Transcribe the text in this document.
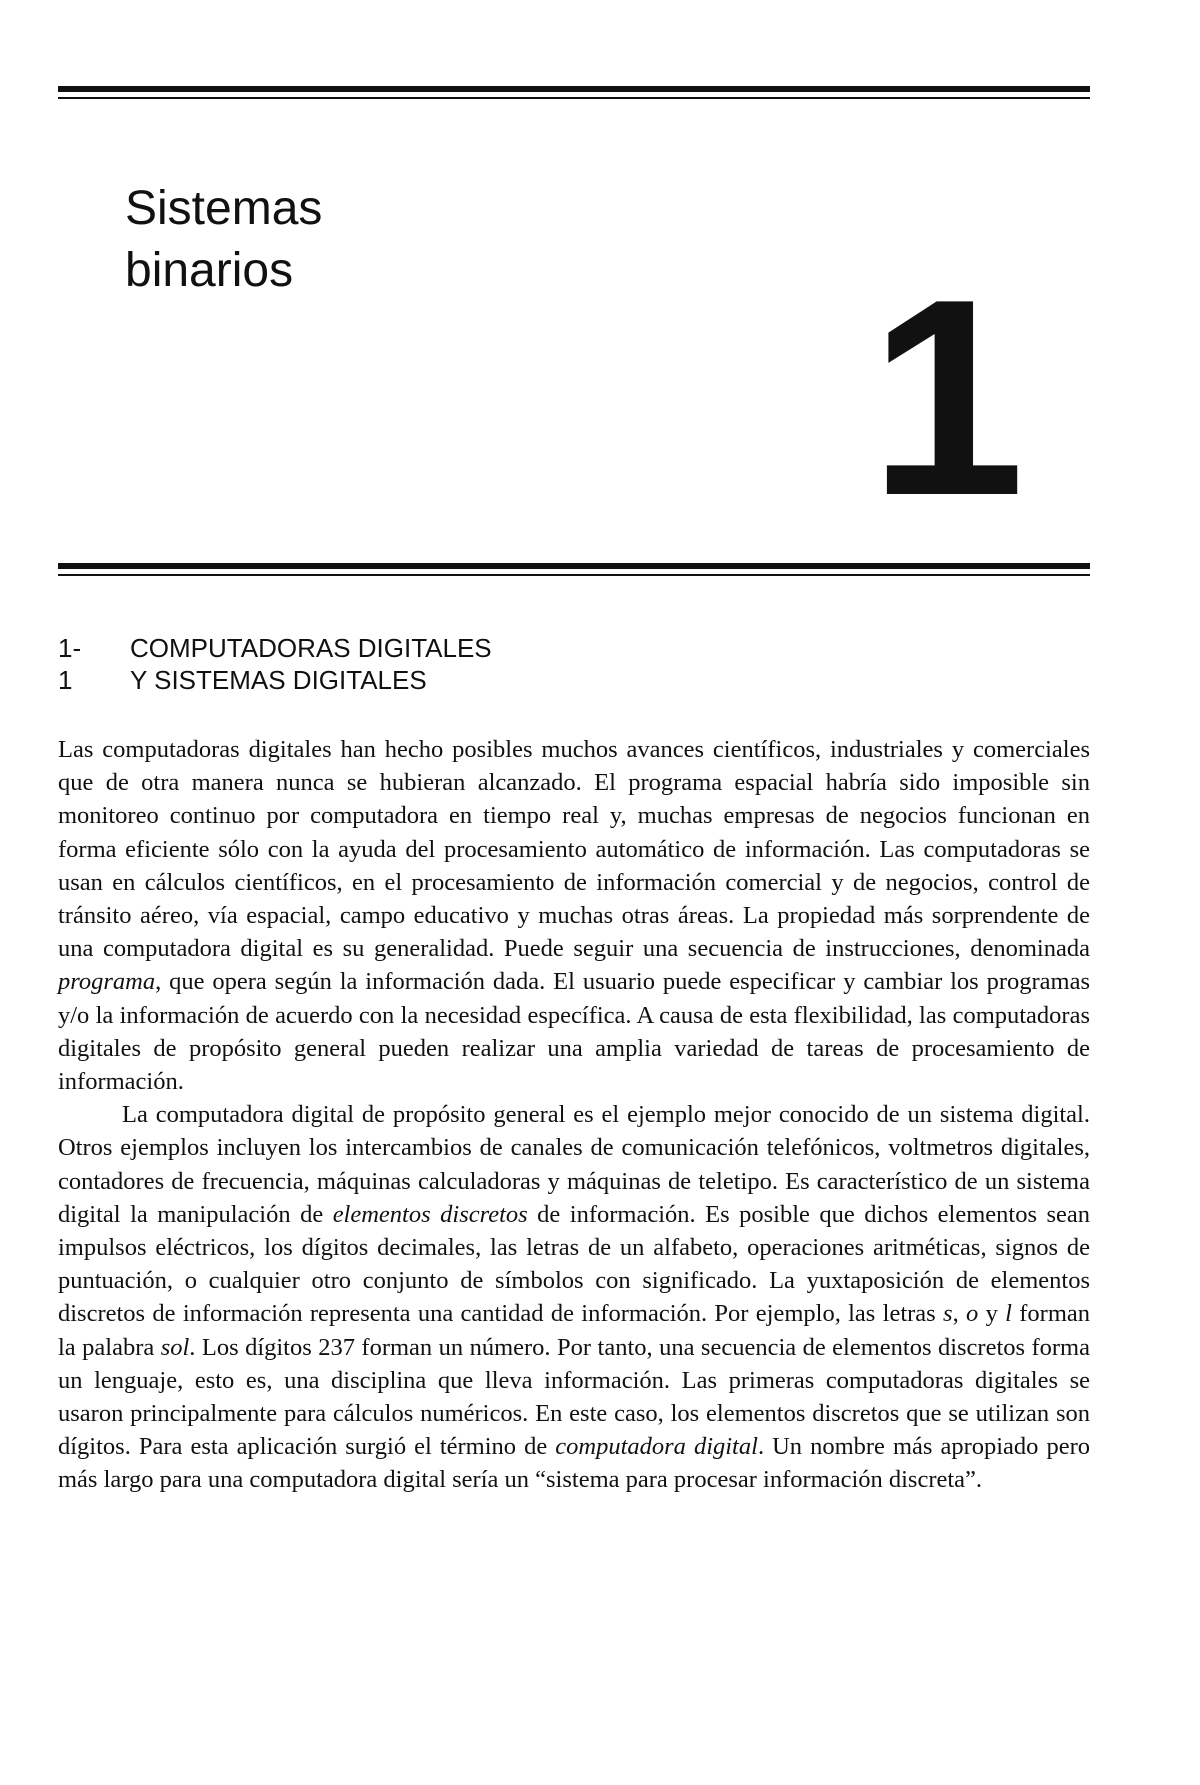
Sistemas
binarios 1
1-1
COMPUTADORAS DIGITALES
Y SISTEMAS DIGITALES

Las computadoras digitales han hecho posibles muchos avances científicos, industriales y comerciales que de otra manera nunca se hubieran alcanzado. El programa espacial habría sido imposible sin monitoreo continuo por computadora en tiempo real y, muchas empresas de negocios funcionan en forma eficiente sólo con la ayuda del procesamiento automático de información. Las computadoras se usan en cálculos científicos, en el procesamiento de información comercial y de negocios, control de tránsito aéreo, vía espacial, campo educativo y muchas otras áreas. La propiedad más sorprendente de una computadora digital es su generalidad. Puede seguir una secuencia de instrucciones, denominada programa, que opera según la información dada. El usuario puede especificar y cambiar los programas y/o la información de acuerdo con la necesidad específica. A causa de esta flexibilidad, las computadoras digitales de propósito general pueden realizar una amplia variedad de tareas de procesamiento de información.

La computadora digital de propósito general es el ejemplo mejor conocido de un sistema digital. Otros ejemplos incluyen los intercambios de canales de comunicación telefónicos, voltmetros digitales, contadores de frecuencia, máquinas calculadoras y máquinas de teletipo. Es característico de un sistema digital la manipulación de elementos discretos de información. Es posible que dichos elementos sean impulsos eléctricos, los dígitos decimales, las letras de un alfabeto, operaciones aritméticas, signos de puntuación, o cualquier otro conjunto de símbolos con significado. La yuxtaposición de elementos discretos de información representa una cantidad de información. Por ejemplo, las letras s, o y l forman la palabra sol. Los dígitos 237 forman un número. Por tanto, una secuencia de elementos discretos forma un lenguaje, esto es, una disciplina que lleva información. Las primeras computadoras digitales se usaron principalmente para cálculos numéricos. En este caso, los elementos discretos que se utilizan son dígitos. Para esta aplicación surgió el término de computadora digital. Un nombre más apropiado pero más largo para una computadora digital sería un “sistema para procesar información discreta”.
